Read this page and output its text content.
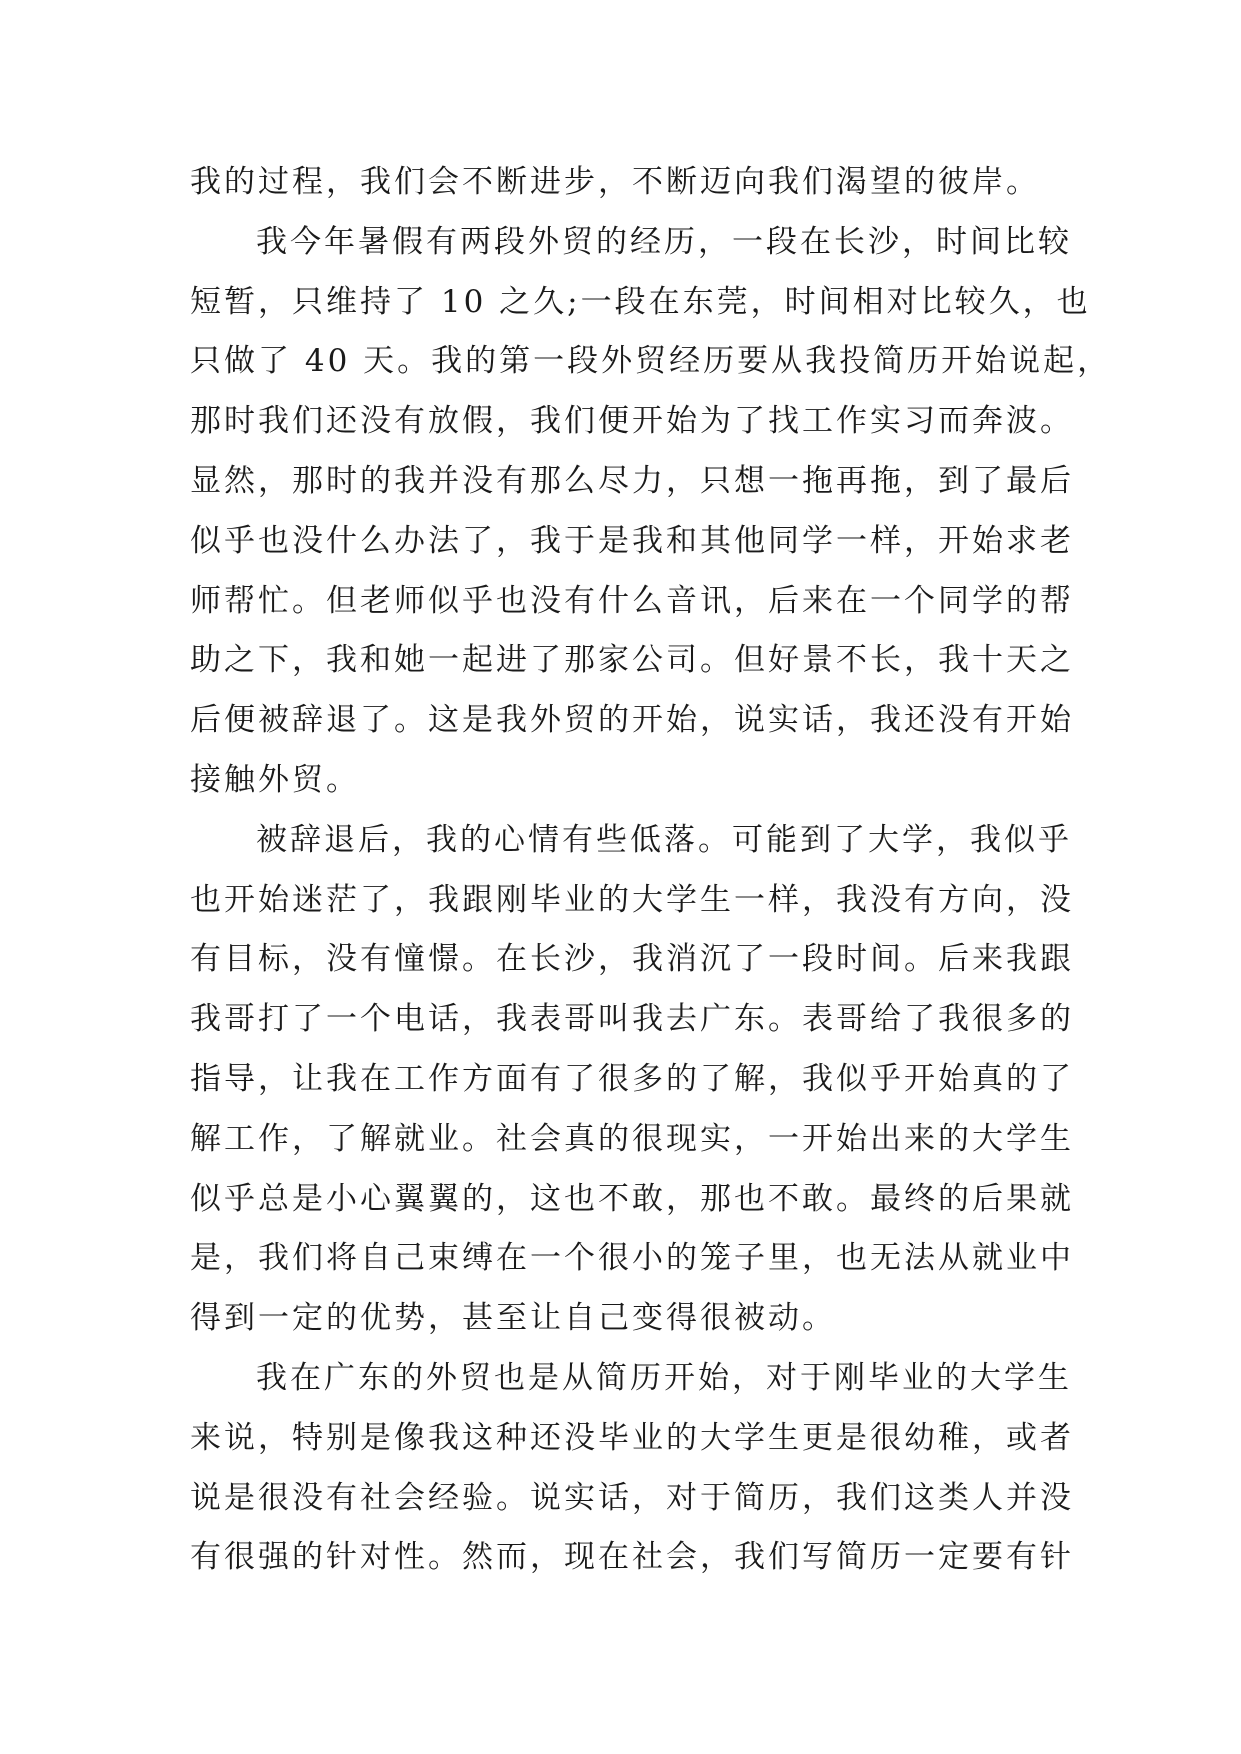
我的过程，我们会不断进步，不断迈向我们渴望的彼岸。
我今年暑假有两段外贸的经历，一段在长沙，时间比较
短暂，只维持了 10 之久;一段在东莞，时间相对比较久，也
只做了 40 天。我的第一段外贸经历要从我投简历开始说起，
那时我们还没有放假，我们便开始为了找工作实习而奔波。
显然，那时的我并没有那么尽力，只想一拖再拖，到了最后
似乎也没什么办法了，我于是我和其他同学一样，开始求老
师帮忙。但老师似乎也没有什么音讯，后来在一个同学的帮
助之下，我和她一起进了那家公司。但好景不长，我十天之
后便被辞退了。这是我外贸的开始，说实话，我还没有开始
接触外贸。
被辞退后，我的心情有些低落。可能到了大学，我似乎
也开始迷茫了，我跟刚毕业的大学生一样，我没有方向，没
有目标，没有憧憬。在长沙，我消沉了一段时间。后来我跟
我哥打了一个电话，我表哥叫我去广东。表哥给了我很多的
指导，让我在工作方面有了很多的了解，我似乎开始真的了
解工作，了解就业。社会真的很现实，一开始出来的大学生
似乎总是小心翼翼的，这也不敢，那也不敢。最终的后果就
是，我们将自己束缚在一个很小的笼子里，也无法从就业中
得到一定的优势，甚至让自己变得很被动。
我在广东的外贸也是从简历开始，对于刚毕业的大学生
来说，特别是像我这种还没毕业的大学生更是很幼稚，或者
说是很没有社会经验。说实话，对于简历，我们这类人并没
有很强的针对性。然而，现在社会，我们写简历一定要有针
